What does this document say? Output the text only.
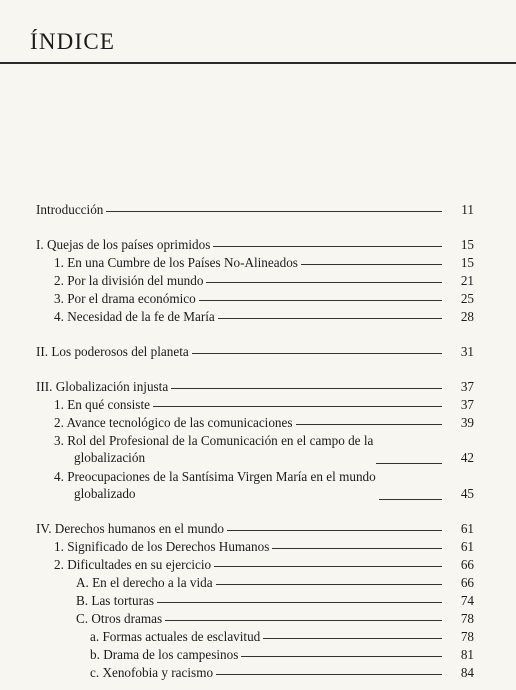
ÍNDICE
Introducción	11
I. Quejas de los países oprimidos	15
1. En una Cumbre de los Países No-Alineados	15
2. Por la división del mundo	21
3. Por el drama económico	25
4. Necesidad de la fe de María	28
II. Los poderosos del planeta	31
III. Globalización injusta	37
1. En qué consiste	37
2. Avance tecnológico de las comunicaciones	39
3. Rol del Profesional de la Comunicación en el campo de la
globalización	42
4. Preocupaciones de la Santísima Virgen María en el mundo
globalizado	45
IV. Derechos humanos en el mundo	61
1. Significado de los Derechos Humanos	61
2. Dificultades en su ejercicio	66
A. En el derecho a la vida	66
B. Las torturas	74
C. Otros dramas	78
a. Formas actuales de esclavitud	78
b. Drama de los campesinos	81
c. Xenofobia y racismo	84
